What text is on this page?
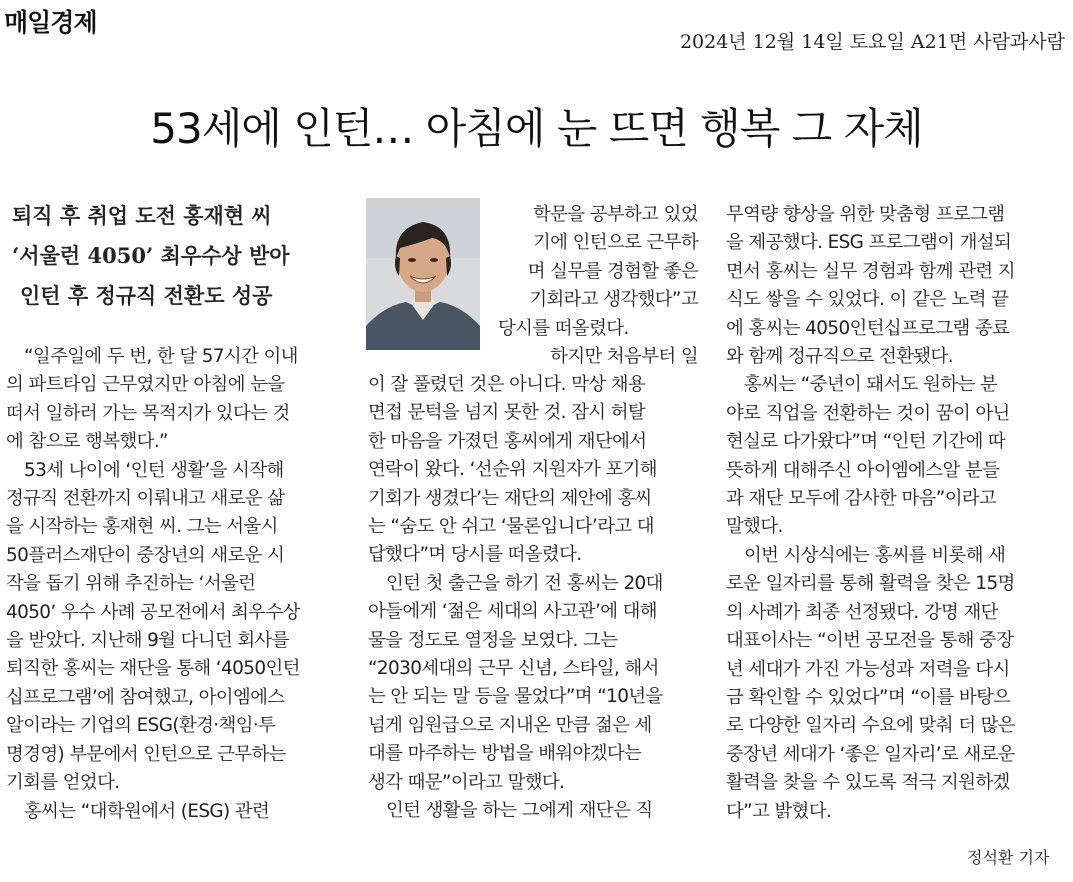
매일경제
2024년 12월 14일 토요일 A21면 사람과사람
53세에 인턴… 아침에 눈 뜨면 행복 그 자체
퇴직 후 취업 도전 홍재현 씨
‘서울런 4050’ 최우수상 받아
인턴 후 정규직 전환도 성공

“일주일에 두 번, 한 달 57시간 이내

의 파트타임 근무였지만 아침에 눈을

떠서 일하러 가는 목적지가 있다는 것

에 참으로 행복했다.”

53세 나이에 ‘인턴 생활’을 시작해

정규직 전환까지 이뤄내고 새로운 삶

을 시작하는 홍재현 씨. 그는 서울시

50플러스재단이 중장년의 새로운 시

작을 돕기 위해 추진하는 ‘서울런

4050’ 우수 사례 공모전에서 최우수상

을 받았다. 지난해 9월 다니던 회사를

퇴직한 홍씨는 재단을 통해 ‘4050인턴

십프로그램’에 참여했고, 아이엠에스

알이라는 기업의 ESG(환경·책임·투

명경영) 부문에서 인턴으로 근무하는

기회를 얻었다.

홍씨는 “대학원에서 (ESG) 관련

학문을 공부하고 있었

기에 인턴으로 근무하

며 실무를 경험할 좋은

기회라고 생각했다”고

당시를 떠올렸다.

하지만 처음부터 일

이 잘 풀렸던 것은 아니다. 막상 채용

면접 문턱을 넘지 못한 것. 잠시 허탈

한 마음을 가졌던 홍씨에게 재단에서

연락이 왔다. ‘선순위 지원자가 포기해

기회가 생겼다’는 재단의 제안에 홍씨

는 “숨도 안 쉬고 ‘물론입니다’라고 대

답했다”며 당시를 떠올렸다.

인턴 첫 출근을 하기 전 홍씨는 20대

아들에게 ‘젊은 세대의 사고관’에 대해

물을 정도로 열정을 보였다. 그는

“2030세대의 근무 신념, 스타일, 해서

는 안 되는 말 등을 물었다”며 “10년을

넘게 임원급으로 지내온 만큼 젊은 세

대를 마주하는 방법을 배워야겠다는

생각 때문”이라고 말했다.

인턴 생활을 하는 그에게 재단은 직

무역량 향상을 위한 맞춤형 프로그램

을 제공했다. ESG 프로그램이 개설되

면서 홍씨는 실무 경험과 함께 관련 지

식도 쌓을 수 있었다. 이 같은 노력 끝

에 홍씨는 4050인턴십프로그램 종료

와 함께 정규직으로 전환됐다.

홍씨는 “중년이 돼서도 원하는 분

야로 직업을 전환하는 것이 꿈이 아닌

현실로 다가왔다”며 “인턴 기간에 따

뜻하게 대해주신 아이엠에스알 분들

과 재단 모두에 감사한 마음”이라고

말했다.

이번 시상식에는 홍씨를 비롯해 새

로운 일자리를 통해 활력을 찾은 15명

의 사례가 최종 선정됐다. 강명 재단

대표이사는 “이번 공모전을 통해 중장

년 세대가 가진 가능성과 저력을 다시

금 확인할 수 있었다”며 “이를 바탕으

로 다양한 일자리 수요에 맞춰 더 많은

중장년 세대가 ‘좋은 일자리’로 새로운

활력을 찾을 수 있도록 적극 지원하겠

다”고 밝혔다.

정석환 기자
